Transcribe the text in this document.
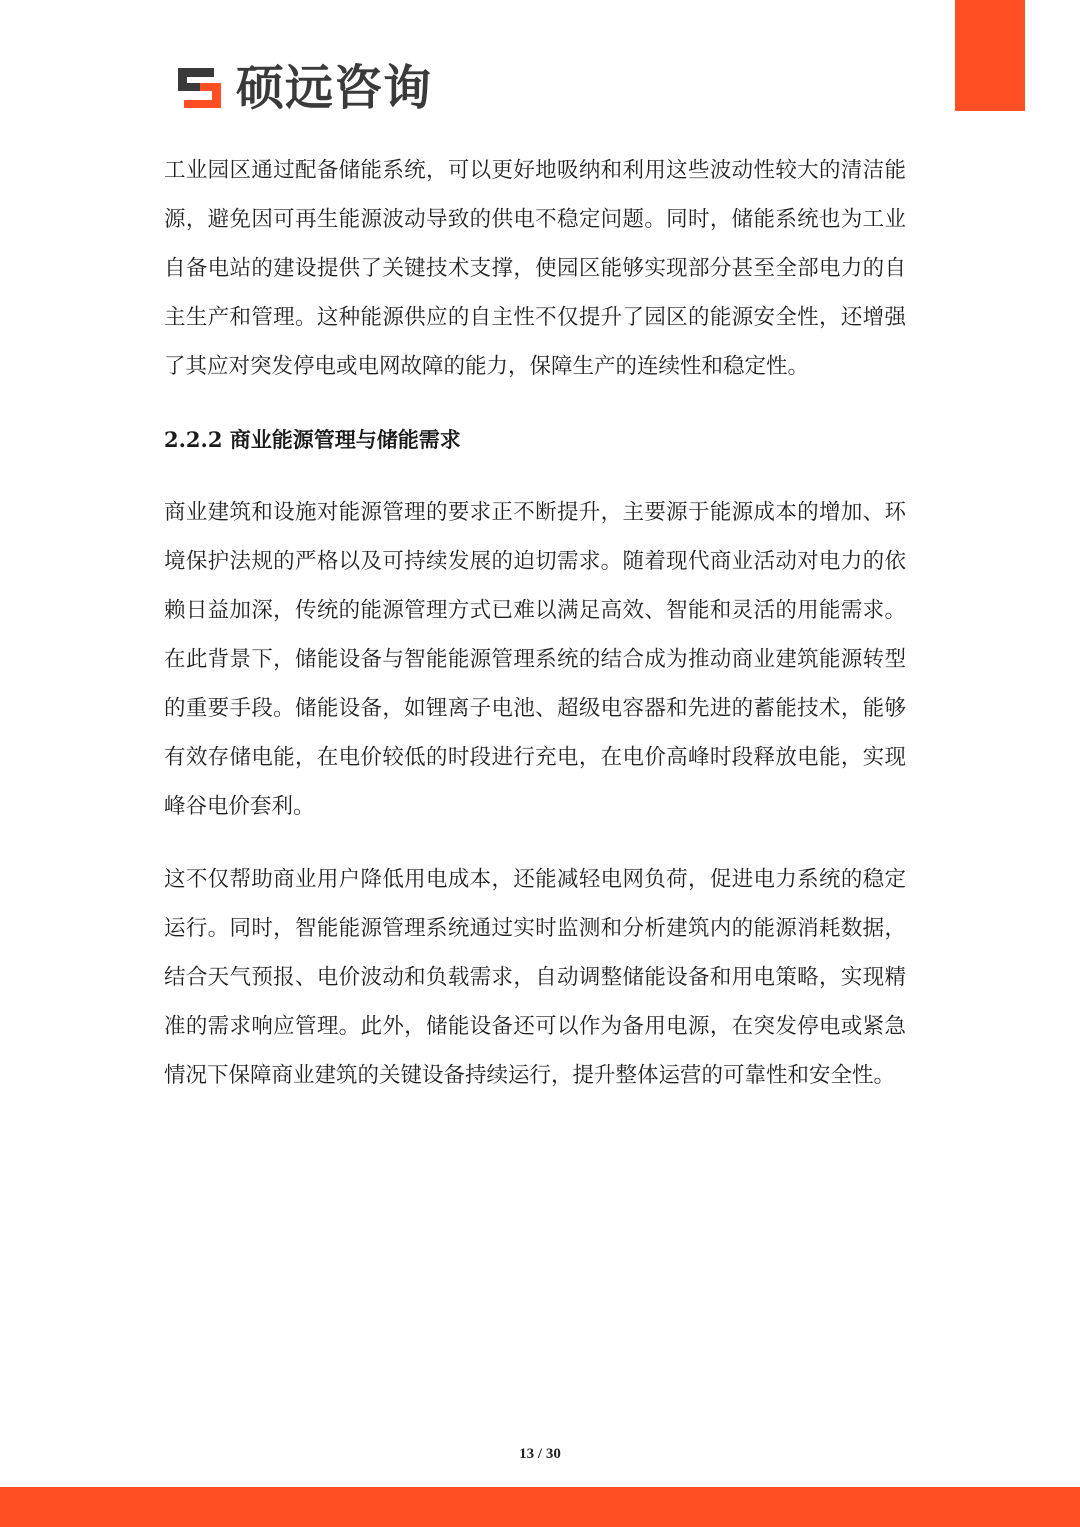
硕远咨询

工业园区通过配备储能系统，可以更好地吸纳和利用这些波动性较大的清洁能源，避免因可再生能源波动导致的供电不稳定问题。同时，储能系统也为工业自备电站的建设提供了关键技术支撑，使园区能够实现部分甚至全部电力的自主生产和管理。这种能源供应的自主性不仅提升了园区的能源安全性，还增强了其应对突发停电或电网故障的能力，保障生产的连续性和稳定性。

2.2.2 商业能源管理与储能需求

商业建筑和设施对能源管理的要求正不断提升，主要源于能源成本的增加、环境保护法规的严格以及可持续发展的迫切需求。随着现代商业活动对电力的依赖日益加深，传统的能源管理方式已难以满足高效、智能和灵活的用能需求。在此背景下，储能设备与智能能源管理系统的结合成为推动商业建筑能源转型的重要手段。储能设备，如锂离子电池、超级电容器和先进的蓄能技术，能够有效存储电能，在电价较低的时段进行充电，在电价高峰时段释放电能，实现峰谷电价套利。

这不仅帮助商业用户降低用电成本，还能减轻电网负荷，促进电力系统的稳定运行。同时，智能能源管理系统通过实时监测和分析建筑内的能源消耗数据，结合天气预报、电价波动和负载需求，自动调整储能设备和用电策略，实现精准的需求响应管理。此外，储能设备还可以作为备用电源，在突发停电或紧急情况下保障商业建筑的关键设备持续运行，提升整体运营的可靠性和安全性。

13 / 30
